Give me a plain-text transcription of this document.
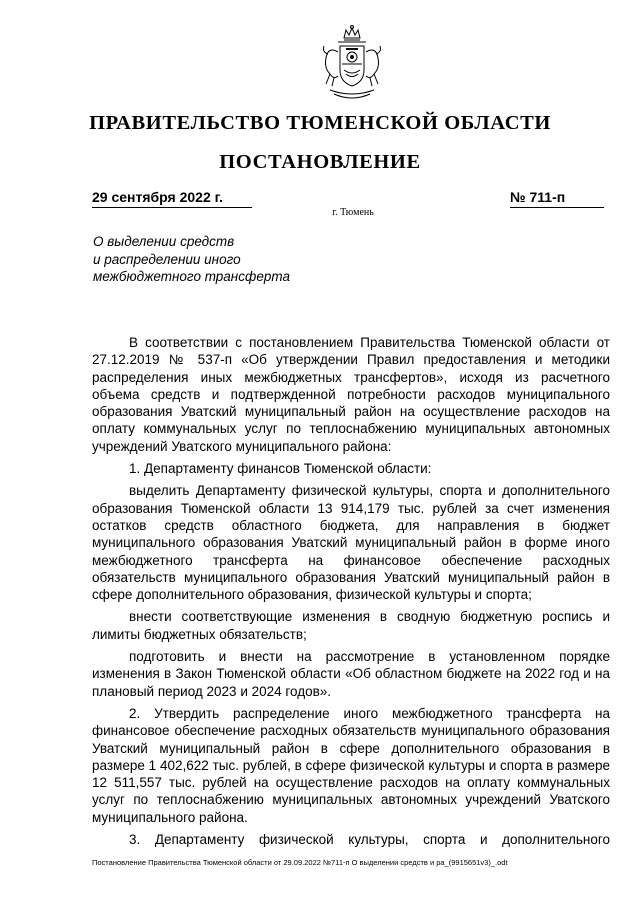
ПРАВИТЕЛЬСТВО ТЮМЕНСКОЙ ОБЛАСТИ
ПОСТАНОВЛЕНИЕ
29 сентября 2022 г.	№ 711-п
г. Тюмень
О выделении средств
и распределении иного
межбюджетного трансферта

В соответствии с постановлением Правительства Тюменской области от 27.12.2019 № 537-п «Об утверждении Правил предоставления и методики распределения иных межбюджетных трансфертов», исходя из расчетного объема средств и подтвержденной потребности расходов муниципального образования Уватский муниципальный район на осуществление расходов на оплату коммунальных услуг по теплоснабжению муниципальных автономных учреждений Уватского муниципального района:

1. Департаменту финансов Тюменской области:

выделить Департаменту физической культуры, спорта и дополнительного образования Тюменской области 13 914,179 тыс. рублей за счет изменения остатков средств областного бюджета, для направления в бюджет муниципального образования Уватский муниципальный район в форме иного межбюджетного трансферта на финансовое обеспечение расходных обязательств муниципального образования Уватский муниципальный район в сфере дополнительного образования, физической культуры и спорта;

внести соответствующие изменения в сводную бюджетную роспись и лимиты бюджетных обязательств;

подготовить и внести на рассмотрение в установленном порядке изменения в Закон Тюменской области «Об областном бюджете на 2022 год и на плановый период 2023 и 2024 годов».

2. Утвердить распределение иного межбюджетного трансферта на финансовое обеспечение расходных обязательств муниципального образования Уватский муниципальный район в сфере дополнительного образования в размере 1 402,622 тыс. рублей, в сфере физической культуры и спорта в размере 12 511,557 тыс. рублей на осуществление расходов на оплату коммунальных услуг по теплоснабжению муниципальных автономных учреждений Уватского муниципального района.

3. Департаменту физической культуры, спорта и дополнительного

Постановление Правительства Тюменской области от 29.09.2022 №711-п О выделении средств и ра_(9915651v3)_.odt
